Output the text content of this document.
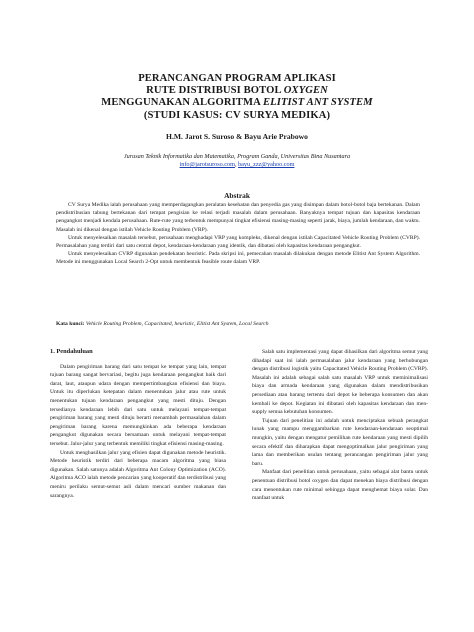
PERANCANGAN PROGRAM APLIKASI
RUTE DISTRIBUSI BOTOL OXYGEN
MENGGUNAKAN ALGORITMA ELITIST ANT SYSTEM
(STUDI KASUS: CV SURYA MEDIKA)
H.M. Jarot S. Suroso & Bayu Arie Prabowo
Jurusan Teknik Informatika dan Matematika, Program Ganda, Universitas Bina Nusantara
info@jarotsuroso.com, bayu_zzz@yahoo.com
Abstrak

CV Surya Medika ialah perusahaan yang memperdagangkan peralatan kesehatan dan penyedia gas yang disimpan dalam botol-botol baja bertekanan. Dalam pendistribusian tabung bertekanan dari tempat pengisian ke relasi terjadi masalah dalam perusahaan. Banyaknya tempat tujuan dan kapasitas kendaraan pengangkut menjadi kendala perusahaan. Rute-rute yang terbentuk mempunyai tingkat efisiensi masing-masing seperti jarak, biaya, jumlah kendaraan, dan waktu. Masalah ini dikenal dengan istilah Vehicle Routing Problem (VRP).

Untuk menyelesaikan masalah tersebut, perusahaan menghadapi VRP yang kompleks, dikenal dengan istilah Capacitated Vehicle Routing Problem (CVRP). Permasalahan yang terdiri dari satu central depot, kendaraan-kendaraan yang identik, dan dibatasi oleh kapasitas kendaraan pengangkut.

Untuk menyelesaikan CVRP digunakan pendekatan heuristic. Pada skripsi ini, pemecahan masalah dilakukan dengan metode Elitist Ant System Algorithm. Metode ini menggunakan Local Search 2-Opt untuk membentuk feasible route dalam VRP.

Kata kunci: Vehicle Routing Problem, Capacitated, heuristic, Elitist Ant System, Local Search
1. Pendahuluan

Dalam pengiriman barang dari satu tempat ke tempat yang lain, tempat tujuan barang sangat bervariasi, begitu juga kendaraan pengangkut baik dari darat, laut, ataupun udara dengan mempertimbangkan efisiensi dan biaya. Untuk itu diperlukan ketepatan dalam menentukan jalur atau rute untuk menentukan tujuan kendaraan pengangkut yang mesti dituju. Dengan tersedianya kendaraan lebih dari satu untuk melayani tempat-tempat pengiriman barang yang mesti dituju berarti menambah permasalahan dalam pengiriman barang karena memungkinkan ada beberapa kendaraan pengangkut digunakan secara bersamaan untuk melayani tempat-tempat tersebut. Jalur-jalur yang terbentuk memiliki tingkat efisiensi masing-masing.

Untuk menghasilkan jalur yang efisien dapat digunakan metode heuristik. Metode heuristik terdiri dari beberapa macam algoritma yang biasa digunakan. Salah satunya adalah Algoritma Ant Colony Optimization (ACO). Algoritma ACO ialah metode pencarian yang kooperatif dan terdistribusi yang meniru perilaku semut-semut asli dalam mencari sumber makanan dan sarangnya.

Salah satu implementasi yang dapat dihasilkan dari algoritma semut yang dihadapi saat ini ialah permasalahan jalur kendaraan yang berhubungan dengan distribusi logistik yaitu Capacitated Vehicle Routing Problem (CVRP). Masalah ini adalah sebagai salah satu masalah VRP untuk meminimalisasi biaya dan armada kendaraan yang digunakan dalam mendistribusikan persediaan atau barang tertentu dari depot ke beberapa konsumen dan akan kembali ke depot. Kegiatan ini dibatasi oleh kapasitas kendaraan dan men-supply semua kebutuhan konsumen.

Tujuan dari penelitian ini adalah untuk menciptakan sebuah perangkat lunak yang mampu menggambarkan rute kendaraan-kendaraan seoptimal mungkin, yaitu dengan mengatur pemilihan rute kendaraan yang mesti dipilih secara efektif dan diharapkan dapat mengoptimalkan jalur pengiriman yang lama dan memberikan usulan tentang perancangan pengiriman jalur yang baru.

Manfaat dari penelitian untuk perusahaan, yaitu sebagai alat bantu untuk penentuan distribusi botol oxygen dan dapat menekan biaya distribusi dengan cara menentukan rute minimal sehingga dapat menghemat biaya solar. Dan manfaat untuk
